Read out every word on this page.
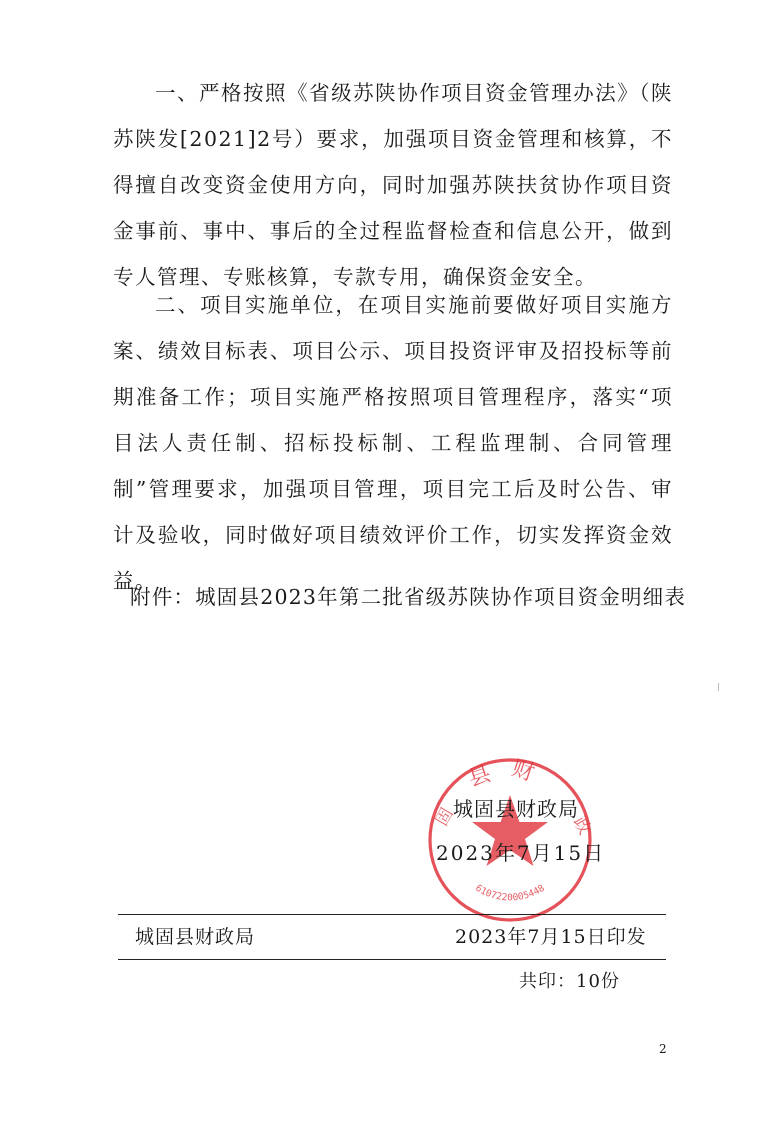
一、严格按照《省级苏陕协作项目资金管理办法》（陕苏陕发[2021]2号）要求，加强项目资金管理和核算，不得擅自改变资金使用方向，同时加强苏陕扶贫协作项目资金事前、事中、事后的全过程监督检查和信息公开，做到专人管理、专账核算，专款专用，确保资金安全。

二、项目实施单位，在项目实施前要做好项目实施方案、绩效目标表、项目公示、项目投资评审及招投标等前期准备工作；项目实施严格按照项目管理程序，落实“项目法人责任制、招标投标制、工程监理制、合同管理制”管理要求，加强项目管理，项目完工后及时公告、审计及验收，同时做好项目绩效评价工作，切实发挥资金效益。

附件：城固县2023年第二批省级苏陕协作项目资金明细表

县财
固	政
6107220005448
城固县财政局
2023年7月15日
城固县财政局	2023年7月15日印发
共印：10份
2
